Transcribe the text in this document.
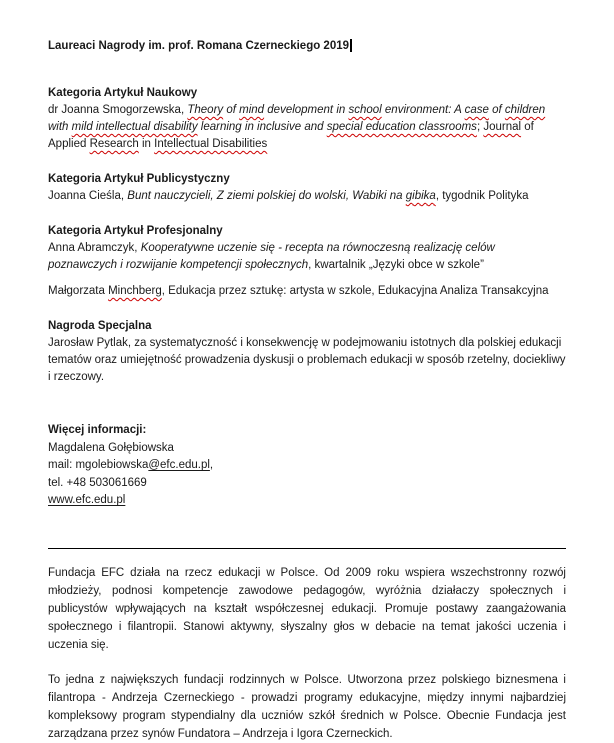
Laureaci Nagrody im. prof. Romana Czerneckiego 2019

Kategoria Artykuł Naukowy

dr Joanna Smogorzewska, Theory of mind development in school environment: A case of children with mild intellectual disability learning in inclusive and special education classrooms; Journal of Applied Research in Intellectual Disabilities

Kategoria Artykuł Publicystyczny

Joanna Cieśla, Bunt nauczycieli, Z ziemi polskiej do wolski, Wabiki na gibika, tygodnik Polityka

Kategoria Artykuł Profesjonalny

Anna Abramczyk, Kooperatywne uczenie się - recepta na równoczesną realizację celów poznawczych i rozwijanie kompetencji społecznych, kwartalnik „Języki obce w szkole”

Małgorzata Minchberg, Edukacja przez sztukę: artysta w szkole, Edukacyjna Analiza Transakcyjna

Nagroda Specjalna

Jarosław Pytlak, za systematyczność i konsekwencję w podejmowaniu istotnych dla polskiej edukacji tematów oraz umiejętność prowadzenia dyskusji o problemach edukacji w sposób rzetelny, dociekliwy i rzeczowy.

Więcej informacji:

Magdalena Gołębiowska

mail: mgolebiowska@efc.edu.pl,

tel. +48 503061669

www.efc.edu.pl

Fundacja EFC działa na rzecz edukacji w Polsce. Od 2009 roku wspiera wszechstronny rozwój młodzieży, podnosi kompetencje zawodowe pedagogów, wyróżnia działaczy społecznych i publicystów wpływających na kształt współczesnej edukacji. Promuje postawy zaangażowania społecznego i filantropii. Stanowi aktywny, słyszalny głos w debacie na temat jakości uczenia i uczenia się.

To jedna z największych fundacji rodzinnych w Polsce. Utworzona przez polskiego biznesmena i filantropa - Andrzeja Czerneckiego - prowadzi programy edukacyjne, między innymi najbardziej kompleksowy program stypendialny dla uczniów szkół średnich w Polsce. Obecnie Fundacja jest zarządzana przez synów Fundatora – Andrzeja i Igora Czerneckich.
